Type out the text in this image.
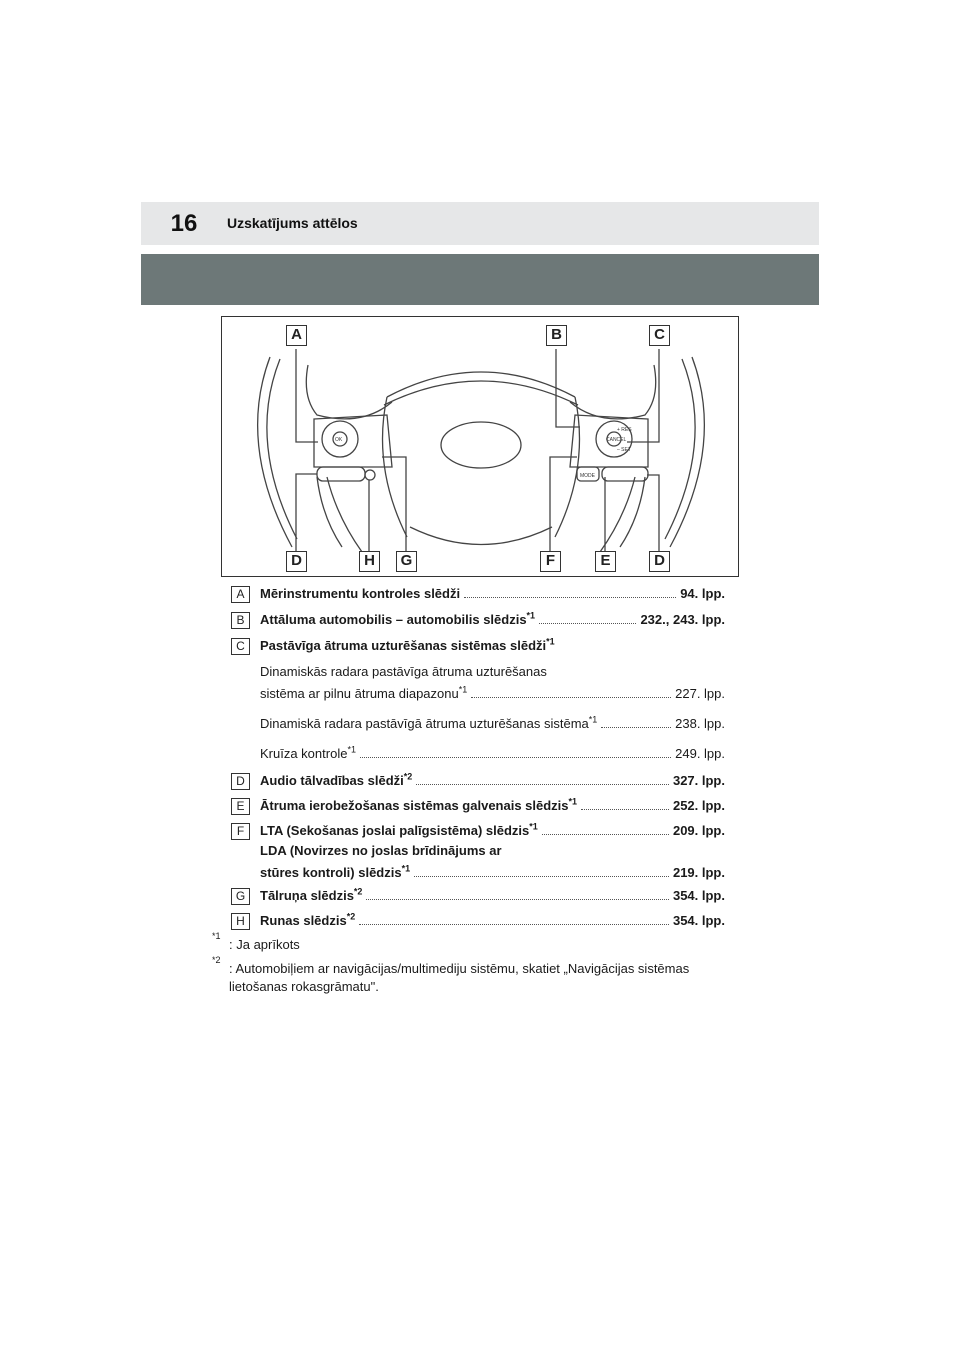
16	Uzskatījums attēlos
OK
MODE
CANCEL
+ RES
– SET
A	B	C
D	H	G	F	E	D
A	Mērinstrumentu kontroles slēdži	94. lpp.
B	Attāluma automobilis – automobilis slēdzis$^{*1}$	232., 243. lpp.
C	Pastāvīga ātruma uzturēšanas sistēmas slēdži$^{*1}$
Dinamiskās radara pastāvīga ātruma uzturēšanas
sistēma ar pilnu ātruma diapazonu$^{*1}$	227. lpp.
Dinamiskā radara pastāvīgā ātruma uzturēšanas sistēma$^{*1}$	238. lpp.
Kruīza kontrole$^{*1}$	249. lpp.
D	Audio tālvadības slēdži$^{*2}$	327. lpp.
E	Ātruma ierobežošanas sistēmas galvenais slēdzis$^{*1}$	252. lpp.
F	LTA (Sekošanas joslai palīgsistēma) slēdzis$^{*1}$	209. lpp.
LDA (Novirzes no joslas brīdinājums ar
stūres kontroli) slēdzis$^{*1}$	219. lpp.
G	Tālruņa slēdzis$^{*2}$	354. lpp.
H	Runas slēdzis$^{*2}$	354. lpp.
*1
: Ja aprīkots
*2
: Automobiļiem ar navigācijas/multimediju sistēmu, skatiet „Navigācijas sistēmas lietošanas rokasgrāmatu".
